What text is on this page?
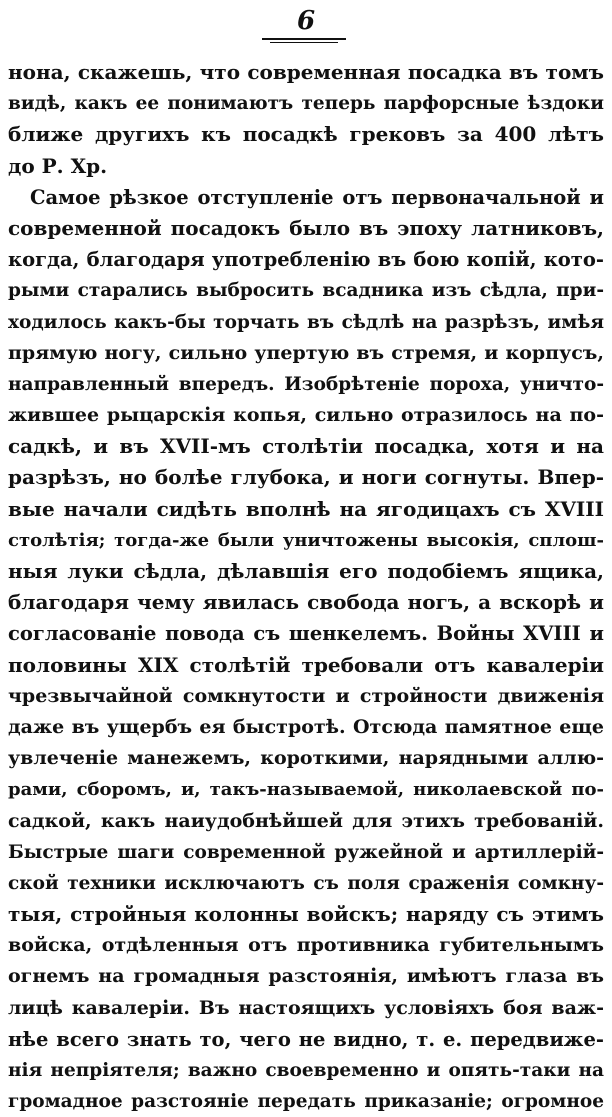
6
нона, скажешь, что современная посадка въ томъ
видѣ, какъ ее понимаютъ теперь парфорсные ѣздоки
ближе другихъ къ посадкѣ грековъ за 400 лѣтъ
до Р. Хр.
Самое рѣзкое отступленіе отъ первоначальной и
современной посадокъ было въ эпоху латниковъ,
когда, благодаря употребленію въ бою копій, кото-
рыми старались выбросить всадника изъ сѣдла, при-
ходилось какъ-бы торчать въ сѣдлѣ на разрѣзъ, имѣя
прямую ногу, сильно упертую въ стремя, и корпусъ,
направленный впередъ. Изобрѣтеніе пороха, уничто-
жившее рыцарскія копья, сильно отразилось на по-
садкѣ, и въ XVII-мъ столѣтіи посадка, хотя и на
разрѣзъ, но болѣе глубока, и ноги согнуты. Впер-
вые начали сидѣть вполнѣ на ягодицахъ съ XVIII
столѣтія; тогда-же были уничтожены высокія, сплош-
ныя луки сѣдла, дѣлавшія его подобіемъ ящика,
благодаря чему явилась свобода ногъ, а вскорѣ и
согласованіе повода съ шенкелемъ. Войны XVIII и
половины XIX столѣтій требовали отъ кавалеріи
чрезвычайной сомкнутости и стройности движенія
даже въ ущербъ ея быстротѣ. Отсюда памятное еще
увлеченіе манежемъ, короткими, нарядными аллю-
рами, сборомъ, и, такъ-называемой, николаевской по-
садкой, какъ наиудобнѣйшей для этихъ требованій.
Быстрые шаги современной ружейной и артиллерій-
ской техники исключаютъ съ поля сраженія сомкну-
тыя, стройныя колонны войскъ; наряду съ этимъ
войска, отдѣленныя отъ противника губительнымъ
огнемъ на громадныя разстоянія, имѣютъ глаза въ
лицѣ кавалеріи. Въ настоящихъ условіяхъ боя важ-
нѣе всего знать то, чего не видно, т. е. передвиже-
нія непріятеля; важно своевременно и опять-таки на
громадное разстояніе передать приказаніе; огромное
